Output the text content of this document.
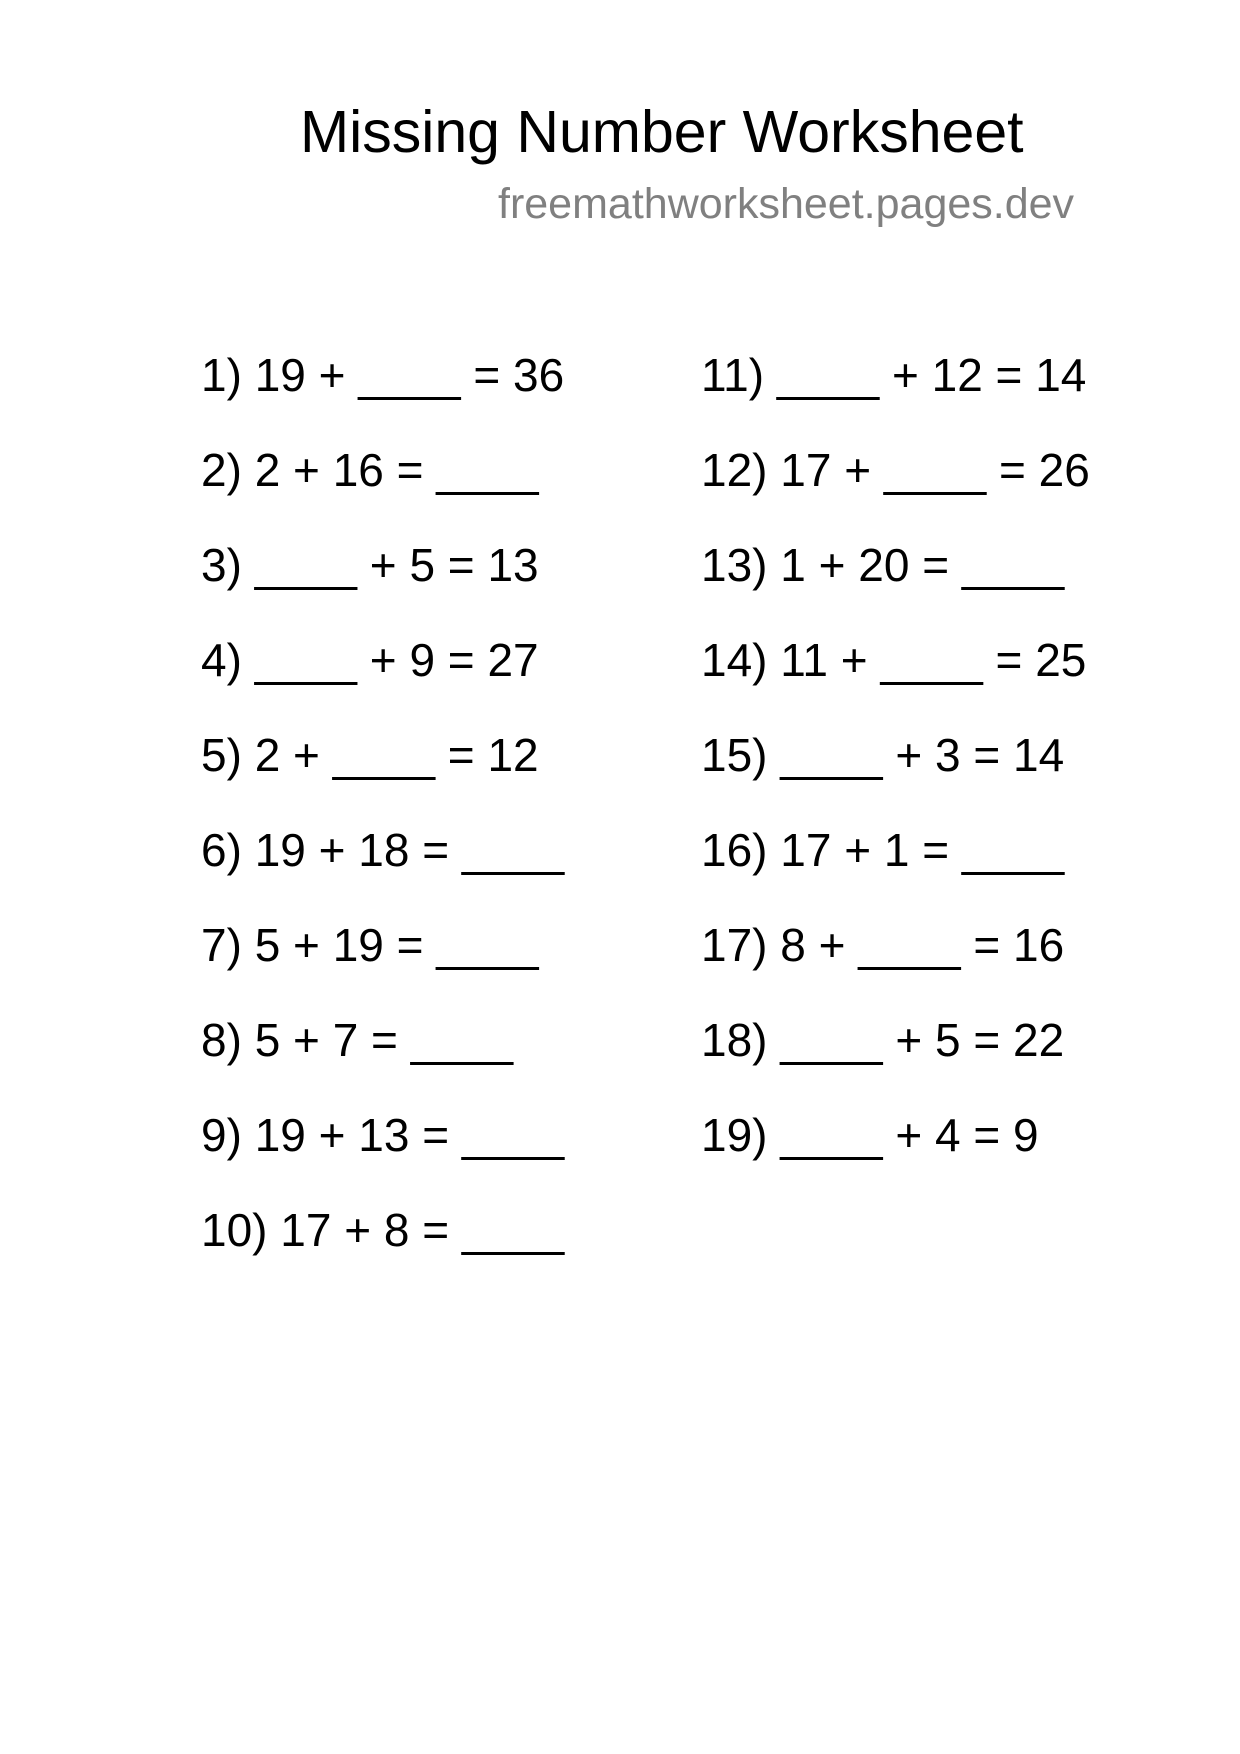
Missing Number Worksheet
freemathworksheet.pages.dev
1) 19 + ____ = 36
2) 2 + 16 = ____
3) ____ + 5 = 13
4) ____ + 9 = 27
5) 2 + ____ = 12
6) 19 + 18 = ____
7) 5 + 19 = ____
8) 5 + 7 = ____
9) 19 + 13 = ____
10) 17 + 8 = ____
11) ____ + 12 = 14
12) 17 + ____ = 26
13) 1 + 20 = ____
14) 11 + ____ = 25
15) ____ + 3 = 14
16) 17 + 1 = ____
17) 8 + ____ = 16
18) ____ + 5 = 22
19) ____ + 4 = 9
